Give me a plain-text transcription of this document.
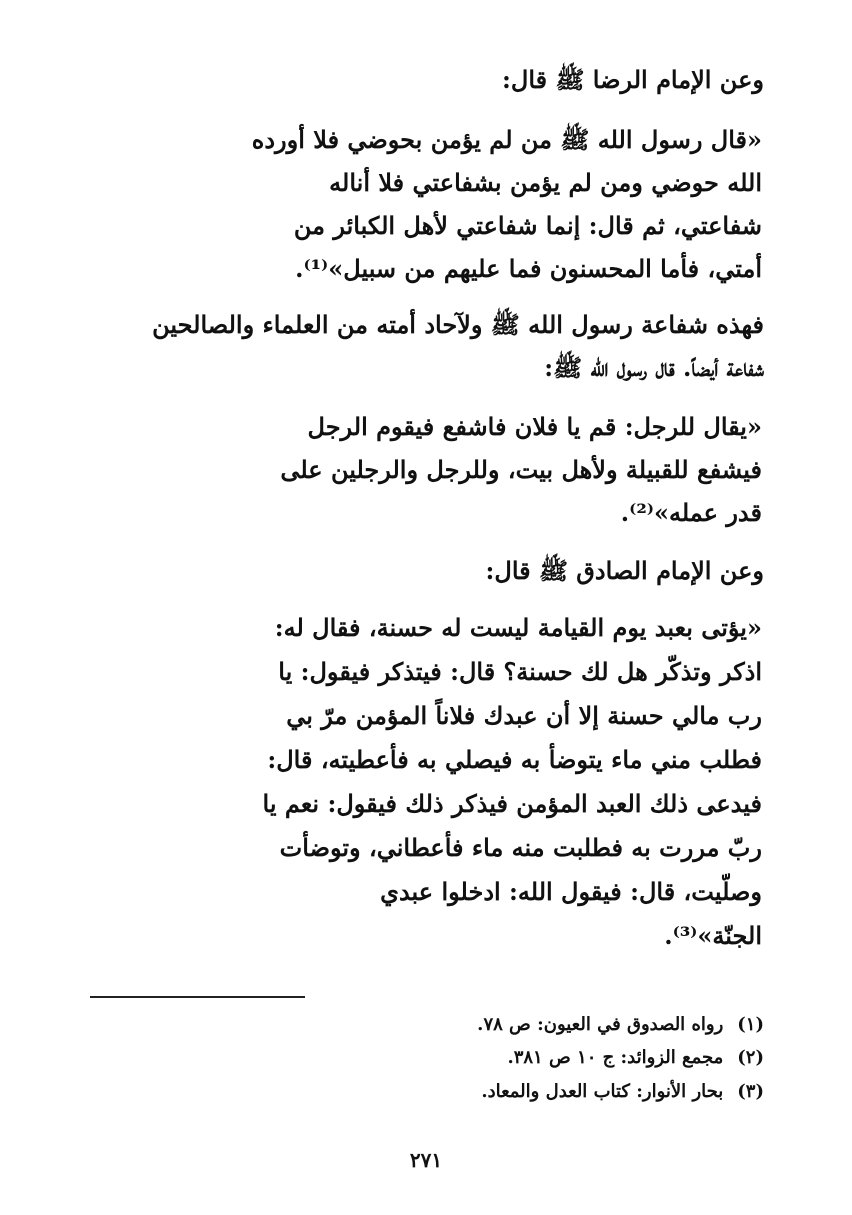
وعن الإمام الرضا ﷺ قال:
«قال رسول الله ﷺ من لم يؤمن بحوضي فلا أورده
الله حوضي ومن لم يؤمن بشفاعتي فلا أناله
شفاعتي، ثم قال: إنما شفاعتي لأهل الكبائر من
أمتي، فأما المحسنون فما عليهم من سبيل»⁽¹⁾.
فهذه شفاعة رسول الله ﷺ ولآحاد أمته من العلماء والصالحين
شفاعة أيضاً. قال رسول الله ﷺ:
«يقال للرجل: قم يا فلان فاشفع فيقوم الرجل
فيشفع للقبيلة ولأهل بيت، وللرجل والرجلين على
قدر عمله»⁽²⁾.
وعن الإمام الصادق ﷺ قال:
«يؤتى بعبد يوم القيامة ليست له حسنة، فقال له:
اذكر وتذكّر هل لك حسنة؟ قال: فيتذكر فيقول: يا
رب مالي حسنة إلا أن عبدك فلاناً المؤمن مرّ بي
فطلب مني ماء يتوضأ به فيصلي به فأعطيته، قال:
فيدعى ذلك العبد المؤمن فيذكر ذلك فيقول: نعم يا
ربّ مررت به فطلبت منه ماء فأعطاني، وتوضأت
وصلّيت، قال: فيقول الله: ادخلوا عبدي
الجنّة»⁽³⁾.
(١)رواه الصدوق في العيون: ص ٧٨.
(٢)مجمع الزوائد: ج ١٠ ص ٣٨١.
(٣)بحار الأنوار: كتاب العدل والمعاد.
٢٧١
